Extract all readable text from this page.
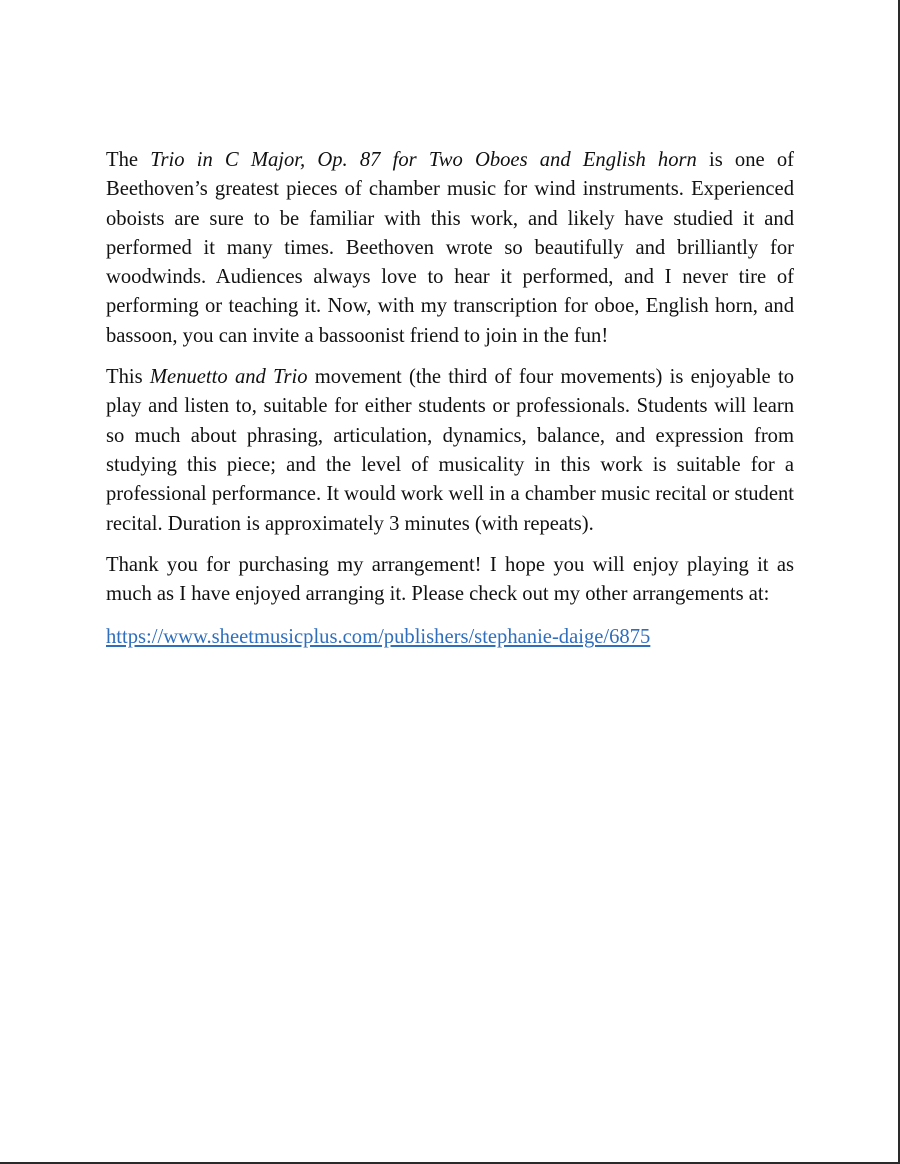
The Trio in C Major, Op. 87 for Two Oboes and English horn is one of Beethoven’s greatest pieces of chamber music for wind instruments. Experienced oboists are sure to be familiar with this work, and likely have studied it and performed it many times. Beethoven wrote so beautifully and brilliantly for woodwinds. Audiences always love to hear it performed, and I never tire of performing or teaching it. Now, with my transcription for oboe, English horn, and bassoon, you can invite a bassoonist friend to join in the fun!

This Menuetto and Trio movement (the third of four movements) is enjoyable to play and listen to, suitable for either students or professionals. Students will learn so much about phrasing, articulation, dynamics, balance, and expression from studying this piece; and the level of musicality in this work is suitable for a professional performance. It would work well in a chamber music recital or student recital. Duration is approximately 3 minutes (with repeats).

Thank you for purchasing my arrangement! I hope you will enjoy playing it as much as I have enjoyed arranging it. Please check out my other arrangements at:

https://www.sheetmusicplus.com/publishers/stephanie-daige/6875
